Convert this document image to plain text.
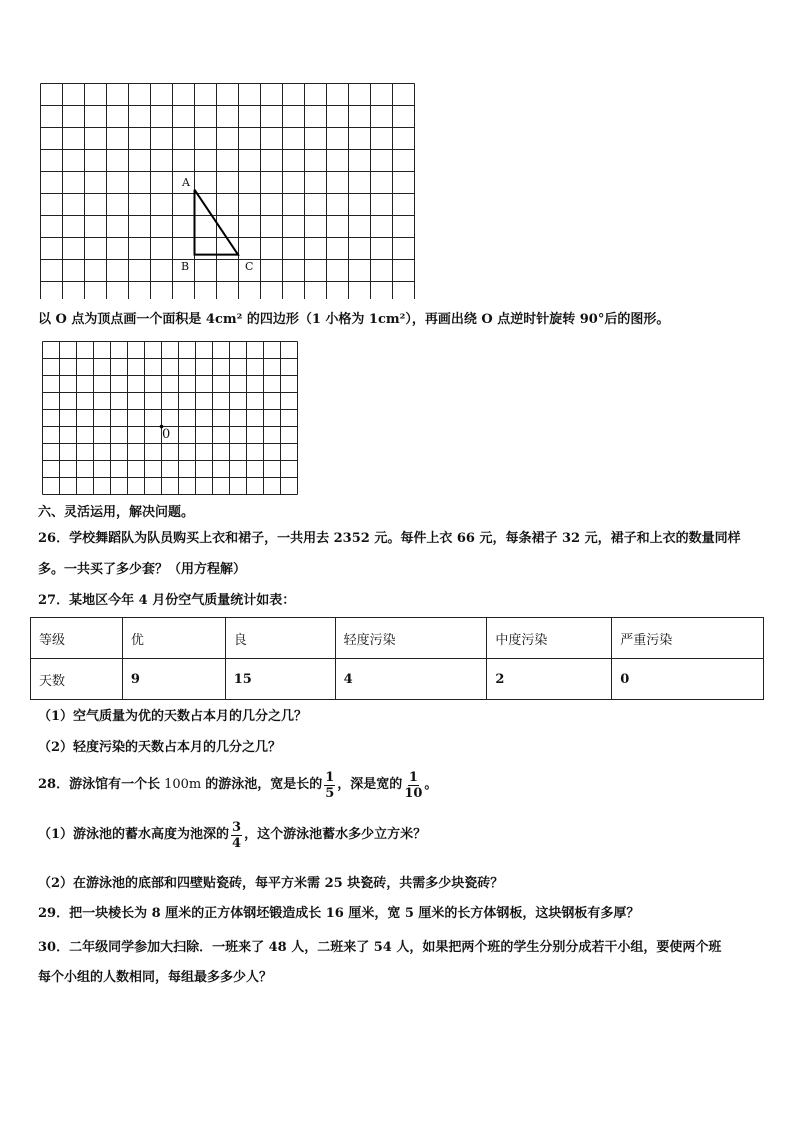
A
B	C
以 O 点为顶点画一个面积是 4cm² 的四边形（1 小格为 1cm²），再画出绕 O 点逆时针旋转 90°后的图形。
0
六、灵活运用，解决问题。
26．学校舞蹈队为队员购买上衣和裙子，一共用去 2352 元。每件上衣 66 元，每条裙子 32 元，裙子和上衣的数量同样
多。一共买了多少套？（用方程解）
27．某地区今年 4 月份空气质量统计如表：
等级	优	良	轻度污染	中度污染	严重污染
天数	9	15	4	2	0
（1）空气质量为优的天数占本月的几分之几？
（2）轻度污染的天数占本月的几分之几？
28．游泳馆有一个长 100m 的游泳池，宽是长的 $\frac{1}{5}$ ，深是宽的 $\frac{1}{10}$ 。
（1）游泳池的蓄水高度为池深的 $\frac{3}{4}$ ，这个游泳池蓄水多少立方米？
（2）在游泳池的底部和四壁贴瓷砖，每平方米需 25 块瓷砖，共需多少块瓷砖？
29．把一块棱长为 8 厘米的正方体钢坯锻造成长 16 厘米，宽 5 厘米的长方体钢板，这块钢板有多厚？
30．二年级同学参加大扫除．一班来了 48 人，二班来了 54 人，如果把两个班的学生分别分成若干小组，要使两个班
每个小组的人数相同，每组最多多少人？
